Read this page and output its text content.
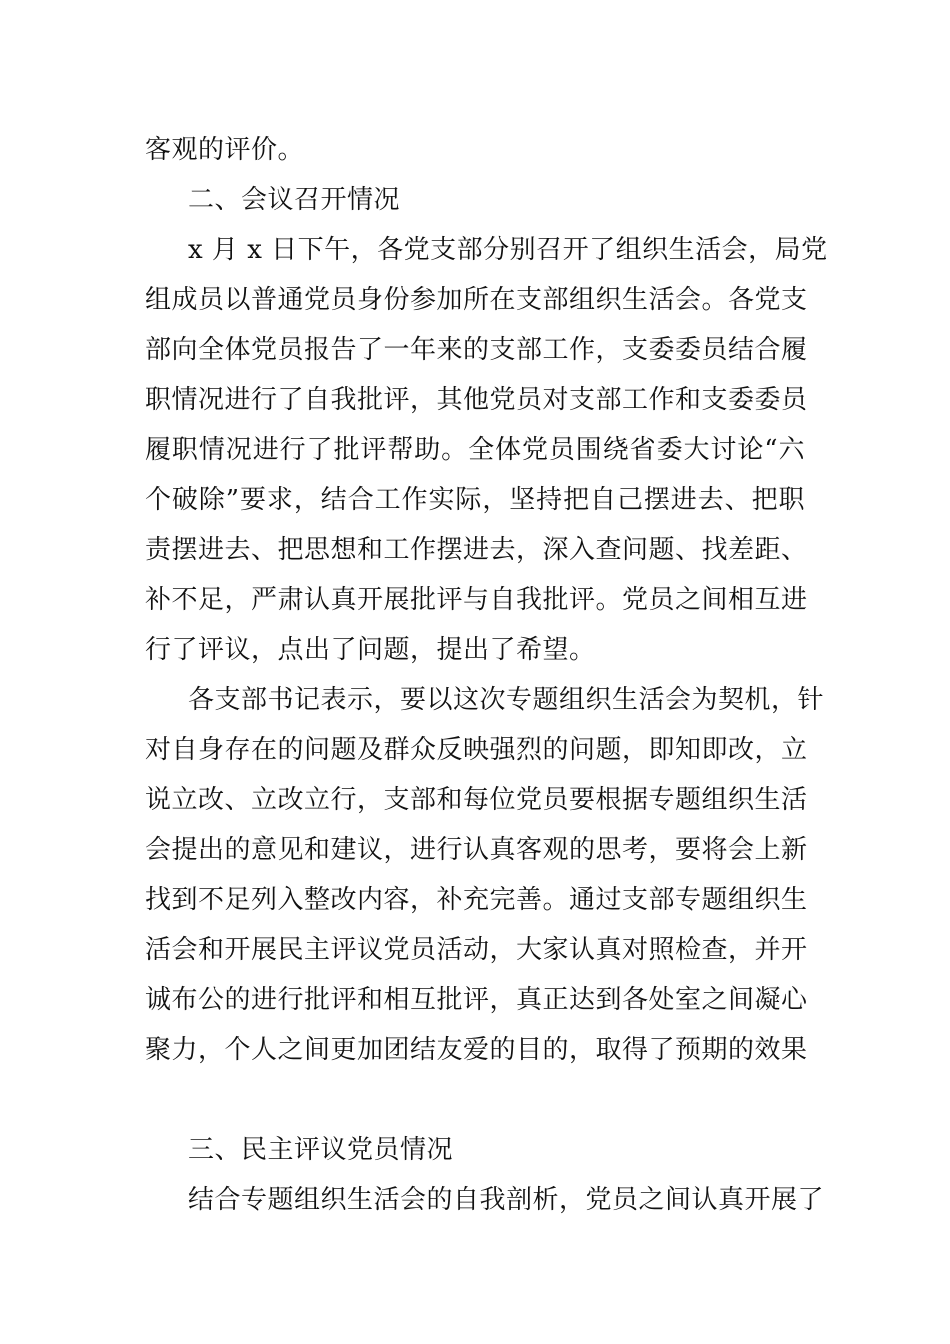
客观的评价。
二、会议召开情况
x 月 x 日下午，各党支部分别召开了组织生活会，局党
组成员以普通党员身份参加所在支部组织生活会。各党支
部向全体党员报告了一年来的支部工作，支委委员结合履
职情况进行了自我批评，其他党员对支部工作和支委委员
履职情况进行了批评帮助。全体党员围绕省委大讨论“六
个破除”要求，结合工作实际，坚持把自己摆进去、把职
责摆进去、把思想和工作摆进去，深入查问题、找差距、
补不足，严肃认真开展批评与自我批评。党员之间相互进
行了评议，点出了问题，提出了希望。
各支部书记表示，要以这次专题组织生活会为契机，针
对自身存在的问题及群众反映强烈的问题，即知即改，立
说立改、立改立行，支部和每位党员要根据专题组织生活
会提出的意见和建议，进行认真客观的思考，要将会上新
找到不足列入整改内容，补充完善。通过支部专题组织生
活会和开展民主评议党员活动，大家认真对照检查，并开
诚布公的进行批评和相互批评，真正达到各处室之间凝心
聚力，个人之间更加团结友爱的目的，取得了预期的效果
三、民主评议党员情况
结合专题组织生活会的自我剖析，党员之间认真开展了
